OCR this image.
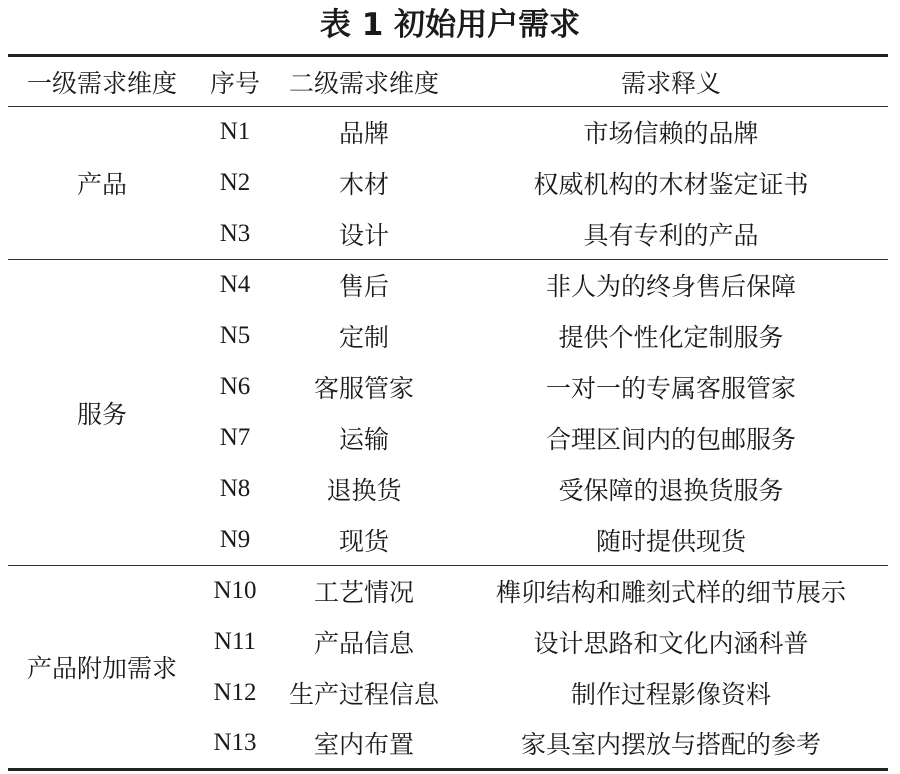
表 1 初始用户需求
一级需求维度	序号	二级需求维度	需求释义
产品	N1	品牌	市场信赖的品牌
	N2	木材	权威机构的木材鉴定证书
	N3	设计	具有专利的产品
服务	N4	售后	非人为的终身售后保障
	N5	定制	提供个性化定制服务
	N6	客服管家	一对一的专属客服管家
	N7	运输	合理区间内的包邮服务
	N8	退换货	受保障的退换货服务
	N9	现货	随时提供现货
产品附加需求	N10	工艺情况	榫卯结构和雕刻式样的细节展示
	N11	产品信息	设计思路和文化内涵科普
	N12	生产过程信息	制作过程影像资料
	N13	室内布置	家具室内摆放与搭配的参考
